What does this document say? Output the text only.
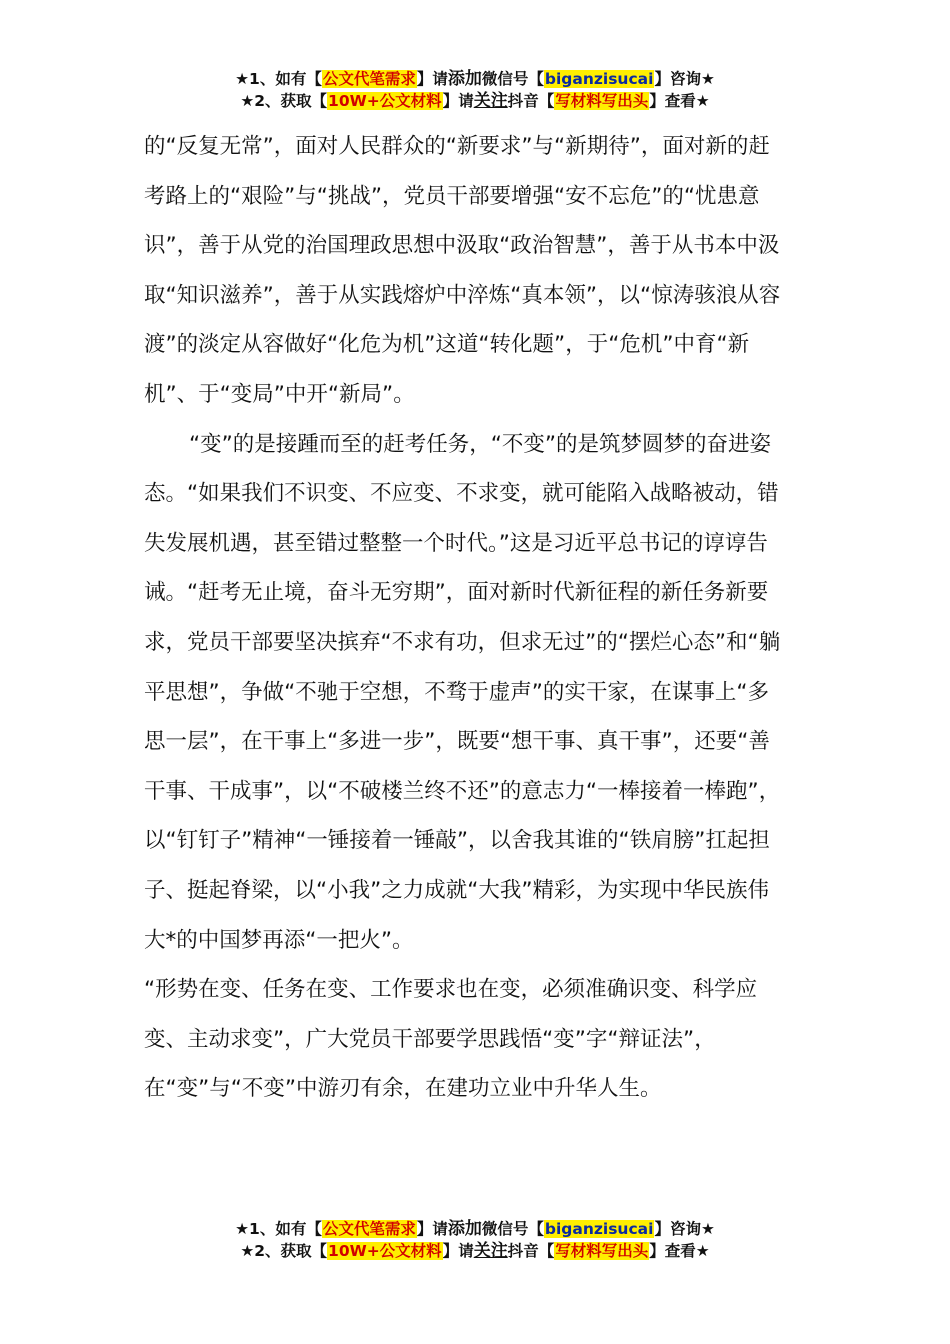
★1、如有【公文代笔需求】请添加微信号【biganzisucai】咨询★
★2、获取【10W+公文材料】请关注抖音【写材料写出头】查看★

的“反复无常”，面对人民群众的“新要求”与“新期待”，面对新的赶
考路上的“艰险”与“挑战”，党员干部要增强“安不忘危”的“忧患意
识”，善于从党的治国理政思想中汲取“政治智慧”，善于从书本中汲
取“知识滋养”，善于从实践熔炉中淬炼“真本领”，以“惊涛骇浪从容
渡”的淡定从容做好“化危为机”这道“转化题”，于“危机”中育“新
机”、于“变局”中开“新局”。

“变”的是接踵而至的赶考任务，“不变”的是筑梦圆梦的奋进姿
态。“如果我们不识变、不应变、不求变，就可能陷入战略被动，错
失发展机遇，甚至错过整整一个时代。”这是习近平总书记的谆谆告
诫。“赶考无止境，奋斗无穷期”，面对新时代新征程的新任务新要
求，党员干部要坚决摈弃“不求有功，但求无过”的“摆烂心态”和“躺
平思想”，争做“不驰于空想，不骛于虚声”的实干家，在谋事上“多
思一层”，在干事上“多进一步”，既要“想干事、真干事”，还要“善
干事、干成事”，以“不破楼兰终不还”的意志力“一棒接着一棒跑”，
以“钉钉子”精神“一锤接着一锤敲”，以舍我其谁的“铁肩膀”扛起担
子、挺起脊梁，以“小我”之力成就“大我”精彩，为实现中华民族伟
大*的中国梦再添“一把火”。

“形势在变、任务在变、工作要求也在变，必须准确识变、科学应
变、主动求变”，广大党员干部要学思践悟“变”字“辩证法”，
在“变”与“不变”中游刃有余，在建功立业中升华人生。

★1、如有【公文代笔需求】请添加微信号【biganzisucai】咨询★
★2、获取【10W+公文材料】请关注抖音【写材料写出头】查看★
